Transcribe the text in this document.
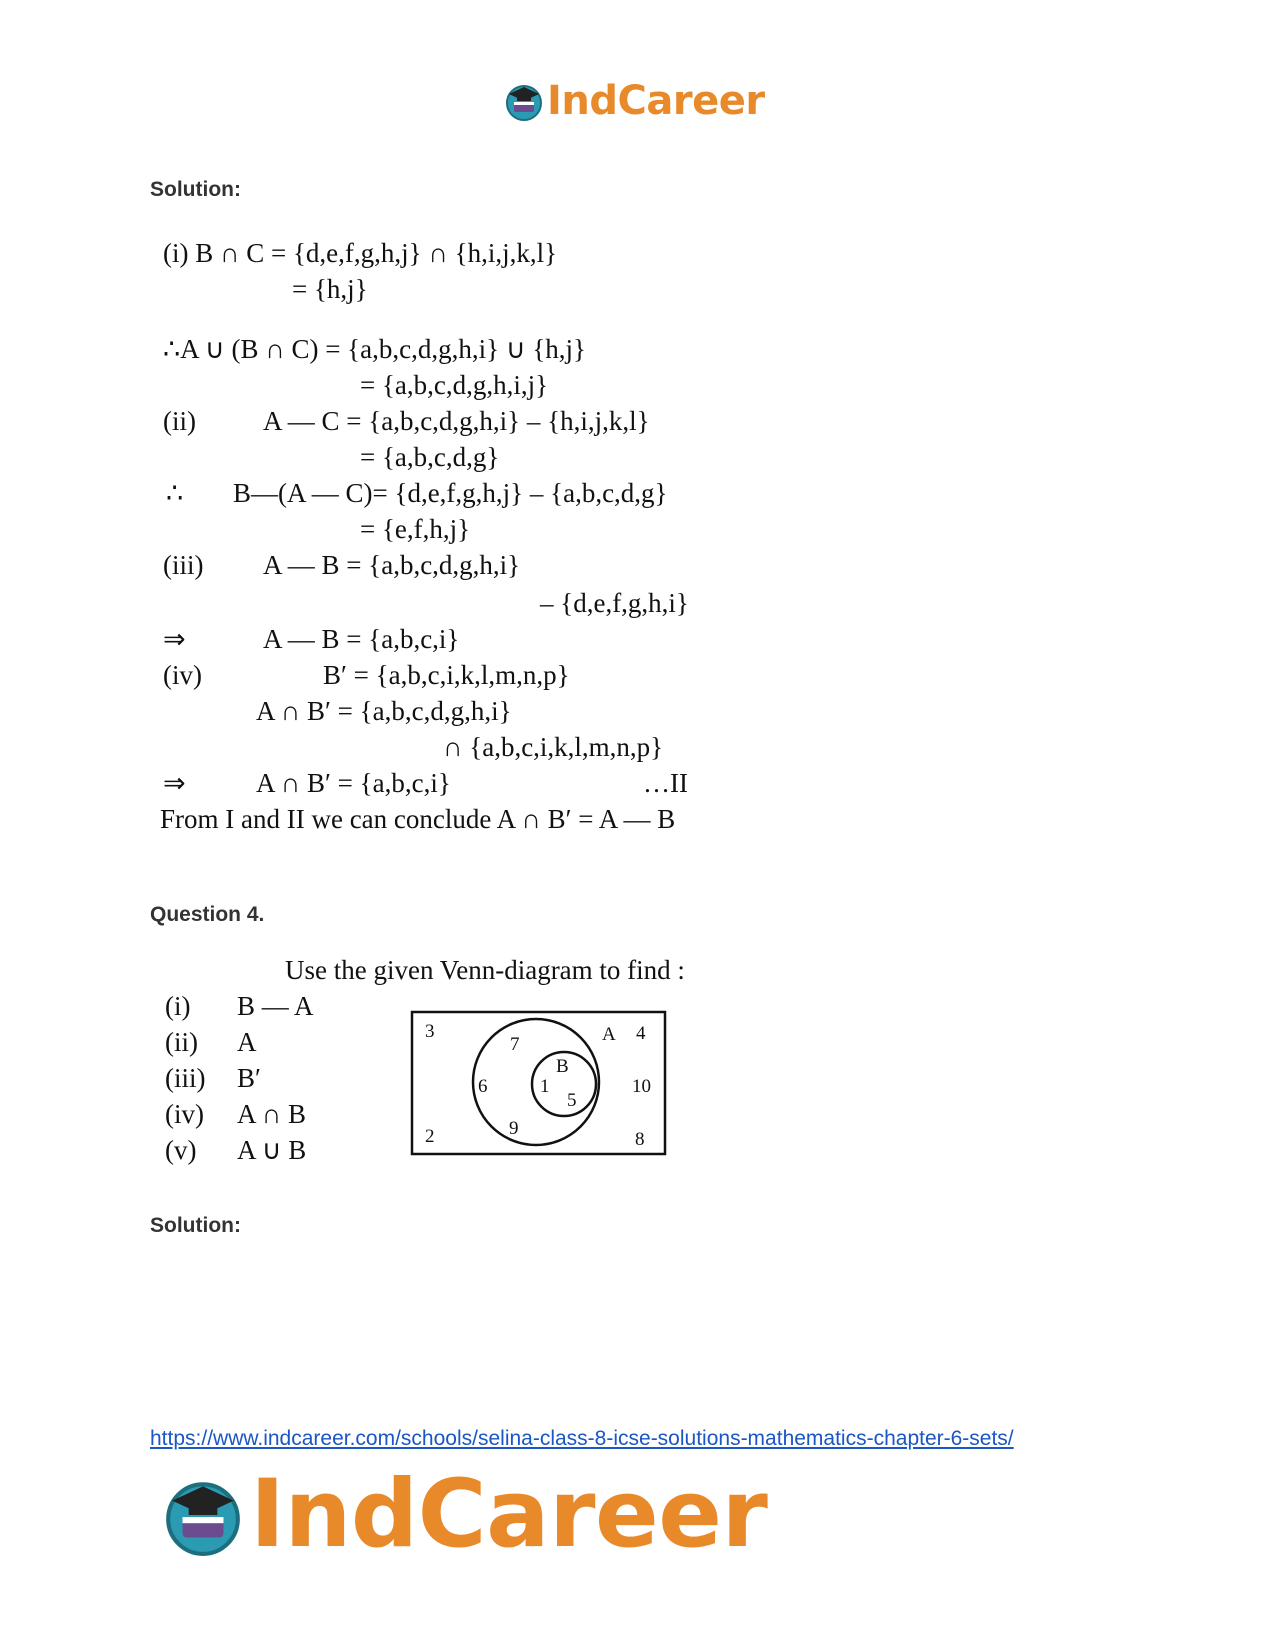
IndCareer
Solution:
(i) B ∩ C = {d,e,f,g,h,j} ∩ {h,i,j,k,l}
= {h,j}
∴A ∪ (B ∩ C) = {a,b,c,d,g,h,i} ∪ {h,j}
= {a,b,c,d,g,h,i,j}
(ii) A — C = {a,b,c,d,g,h,i} – {h,i,j,k,l}
= {a,b,c,d,g}
∴ B—(A — C)= {d,e,f,g,h,j} – {a,b,c,d,g}
= {e,f,h,j}
(iii) A — B = {a,b,c,d,g,h,i}
– {d,e,f,g,h,i}
⇒	A — B = {a,b,c,i}
(iv)	B′ = {a,b,c,i,k,l,m,n,p}
A ∩ B′ = {a,b,c,d,g,h,i}
∩ {a,b,c,i,k,l,m,n,p}
⇒	A ∩ B′ = {a,b,c,i}	…II
From I and II we can conclude A ∩ B′ = A — B
Question 4.
Use the given Venn-diagram to find :
(i) B — A
(ii) A
(iii) B′
(iv) A ∩ B
(v) A ∪ B
A
B
3	4
10
8
2
7
6
9
1
5
Solution:
https://www.indcareer.com/schools/selina-class-8-icse-solutions-mathematics-chapter-6-sets/
IndCareer
